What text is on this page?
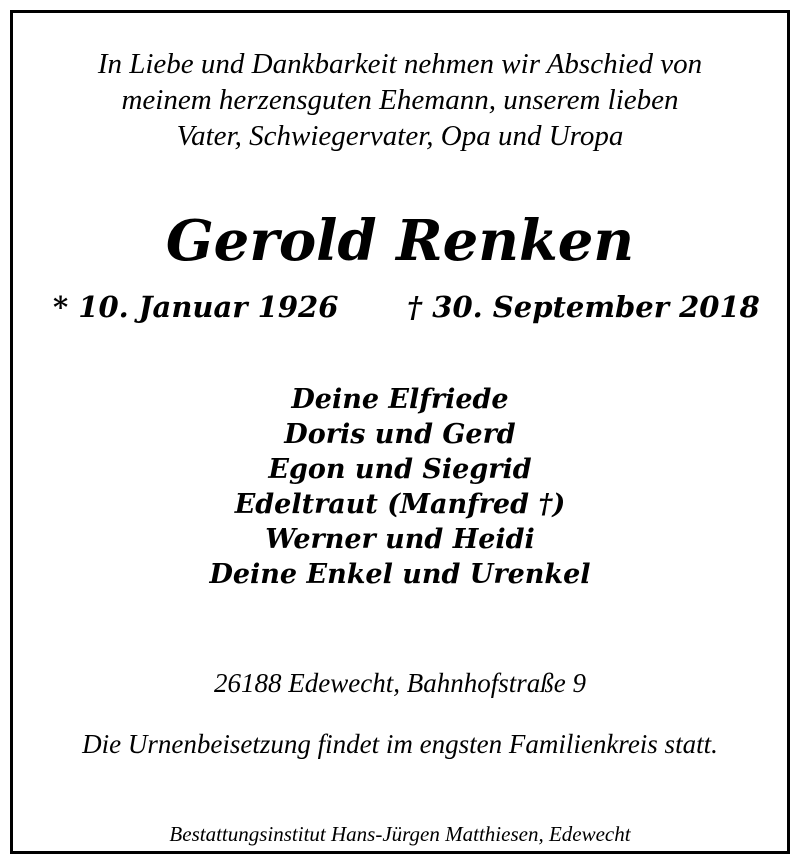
In Liebe und Dankbarkeit nehmen wir Abschied von
meinem herzensguten Ehemann, unserem lieben
Vater, Schwiegervater, Opa und Uropa
Gerold Renken
* 10. Januar 1926 † 30. September 2018
Deine Elfriede
Doris und Gerd
Egon und Siegrid
Edeltraut (Manfred †)
Werner und Heidi
Deine Enkel und Urenkel
26188 Edewecht, Bahnhofstraße 9
Die Urnenbeisetzung findet im engsten Familienkreis statt.
Bestattungsinstitut Hans-Jürgen Matthiesen, Edewecht
